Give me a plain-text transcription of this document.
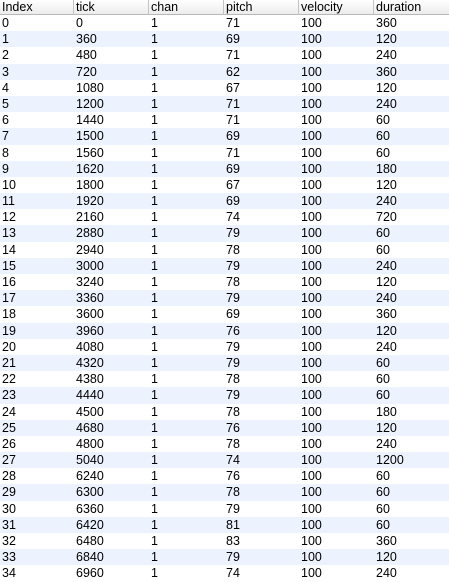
Index	tick	chan	pitch	velocity	duration
0	0	1	71	100	360
1	360	1	69	100	120
2	480	1	71	100	240
3	720	1	62	100	360
4	1080	1	67	100	120
5	1200	1	71	100	240
6	1440	1	71	100	60
7	1500	1	69	100	60
8	1560	1	71	100	60
9	1620	1	69	100	180
10	1800	1	67	100	120
11	1920	1	69	100	240
12	2160	1	74	100	720
13	2880	1	79	100	60
14	2940	1	78	100	60
15	3000	1	79	100	240
16	3240	1	78	100	120
17	3360	1	79	100	240
18	3600	1	69	100	360
19	3960	1	76	100	120
20	4080	1	79	100	240
21	4320	1	79	100	60
22	4380	1	78	100	60
23	4440	1	79	100	60
24	4500	1	78	100	180
25	4680	1	76	100	120
26	4800	1	78	100	240
27	5040	1	74	100	1200
28	6240	1	76	100	60
29	6300	1	78	100	60
30	6360	1	79	100	60
31	6420	1	81	100	60
32	6480	1	83	100	360
33	6840	1	79	100	120
34	6960	1	74	100	240
